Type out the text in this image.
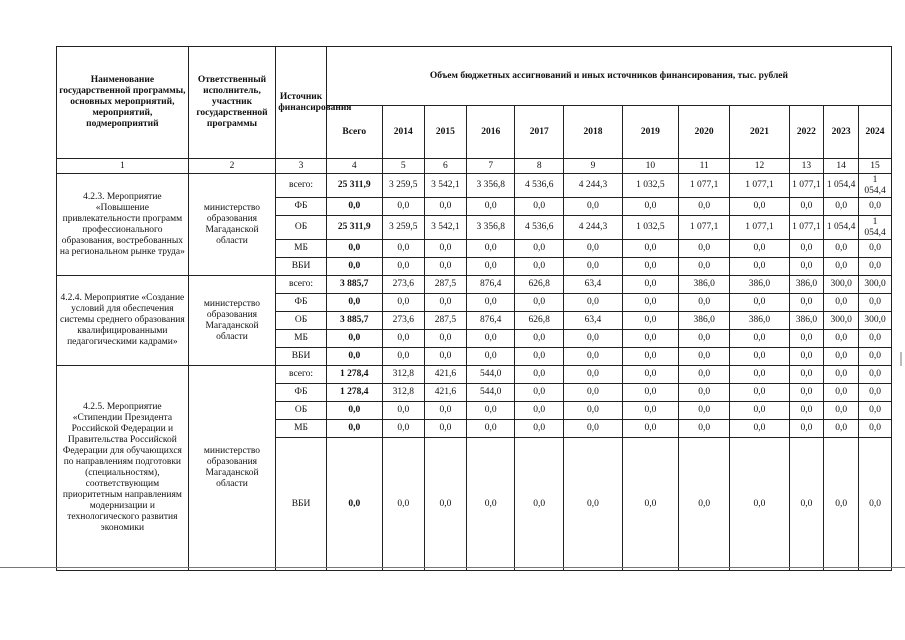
Наименование государственной программы, основных мероприятий, мероприятий, подмероприятий	Ответственный исполнитель, участник государственной программы	Источник финансирования	Объем бюджетных ассигнований и иных источников финансирования, тыс. рублей											
			Всего	2014	2015	2016	2017	2018	2019	2020	2021	2022	2023	2024
1	2	3	4	5	6	7	8	9	10	11	12	13	14	15
4.2.3. Мероприятие «Повышение привлекательности программ профессионального образования, востребованных на региональном рынке труда»	министерство образования Магаданской области	всего:	25 311,9	3 259,5	3 542,1	3 356,8	4 536,6	4 244,3	1 032,5	1 077,1	1 077,1	1 077,1	1 054,4	1 054,4
		ФБ	0,0	0,0	0,0	0,0	0,0	0,0	0,0	0,0	0,0	0,0	0,0	0,0
		ОБ	25 311,9	3 259,5	3 542,1	3 356,8	4 536,6	4 244,3	1 032,5	1 077,1	1 077,1	1 077,1	1 054,4	1 054,4
		МБ	0,0	0,0	0,0	0,0	0,0	0,0	0,0	0,0	0,0	0,0	0,0	0,0
		ВБИ	0,0	0,0	0,0	0,0	0,0	0,0	0,0	0,0	0,0	0,0	0,0	0,0
4.2.4. Мероприятие «Создание условий для обеспечения системы среднего образования квалифицированными педагогическими кадрами»	министерство образования Магаданской области	всего:	3 885,7	273,6	287,5	876,4	626,8	63,4	0,0	386,0	386,0	386,0	300,0	300,0
		ФБ	0,0	0,0	0,0	0,0	0,0	0,0	0,0	0,0	0,0	0,0	0,0	0,0
		ОБ	3 885,7	273,6	287,5	876,4	626,8	63,4	0,0	386,0	386,0	386,0	300,0	300,0
		МБ	0,0	0,0	0,0	0,0	0,0	0,0	0,0	0,0	0,0	0,0	0,0	0,0
		ВБИ	0,0	0,0	0,0	0,0	0,0	0,0	0,0	0,0	0,0	0,0	0,0	0,0
4.2.5. Мероприятие «Стипендии Президента Российской Федерации и Правительства Российской Федерации для обучающихся по направлениям подготовки (специальностям), соответствующим приоритетным направлениям модернизации и технологического развития экономики	министерство образования Магаданской области	всего:	1 278,4	312,8	421,6	544,0	0,0	0,0	0,0	0,0	0,0	0,0	0,0	0,0
		ФБ	1 278,4	312,8	421,6	544,0	0,0	0,0	0,0	0,0	0,0	0,0	0,0	0,0
		ОБ	0,0	0,0	0,0	0,0	0,0	0,0	0,0	0,0	0,0	0,0	0,0	0,0
		МБ	0,0	0,0	0,0	0,0	0,0	0,0	0,0	0,0	0,0	0,0	0,0	0,0
		ВБИ	0,0	0,0	0,0	0,0	0,0	0,0	0,0	0,0	0,0	0,0	0,0	0,0
